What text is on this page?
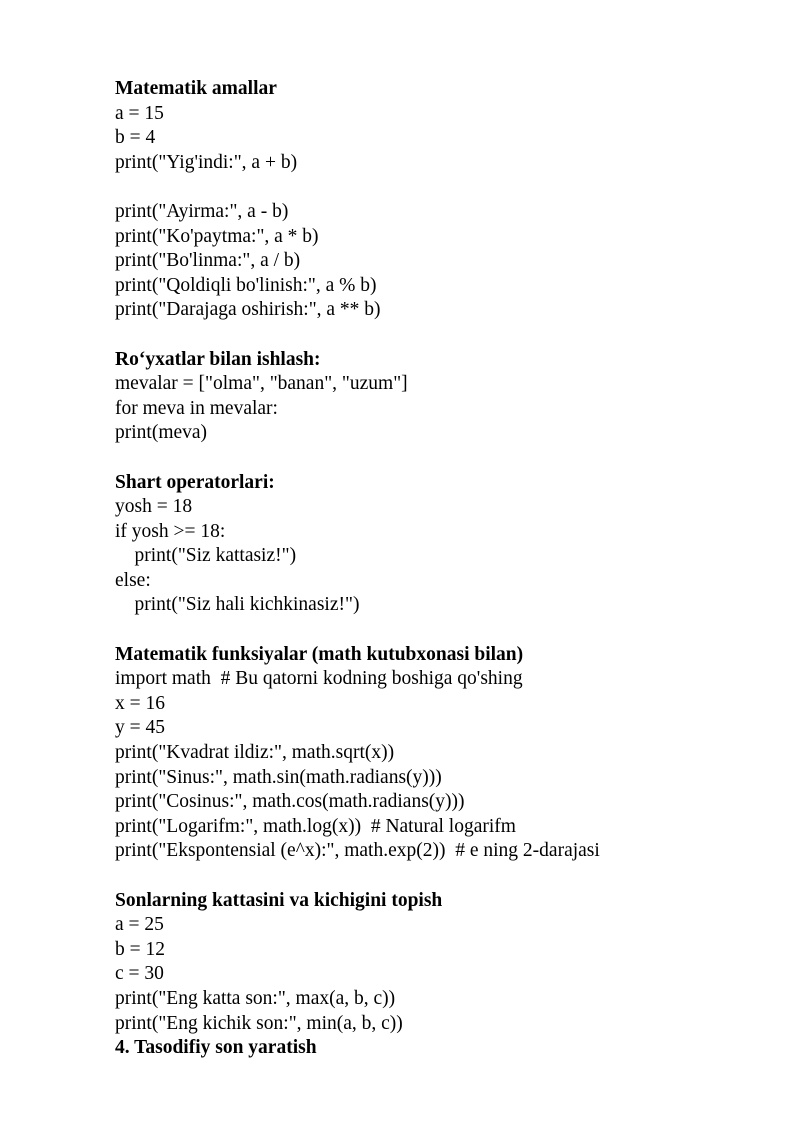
Matematik amallar
a = 15
b = 4
print("Yig'indi:", a + b)
print("Ayirma:", a - b)
print("Ko'paytma:", a * b)
print("Bo'linma:", a / b)
print("Qoldiqli bo'linish:", a % b)
print("Darajaga oshirish:", a ** b)
Ro‘yxatlar bilan ishlash:
mevalar = ["olma", "banan", "uzum"]
for meva in mevalar:
print(meva)
Shart operatorlari:
yosh = 18
if yosh >= 18:
print("Siz kattasiz!")
else:
print("Siz hali kichkinasiz!")
Matematik funksiyalar (math kutubxonasi bilan)
import math  # Bu qatorni kodning boshiga qo'shing
x = 16
y = 45
print("Kvadrat ildiz:", math.sqrt(x))
print("Sinus:", math.sin(math.radians(y)))
print("Cosinus:", math.cos(math.radians(y)))
print("Logarifm:", math.log(x))  # Natural logarifm
print("Ekspontensial (e^x):", math.exp(2))  # e ning 2-darajasi
Sonlarning kattasini va kichigini topish
a = 25
b = 12
c = 30
print("Eng katta son:", max(a, b, c))
print("Eng kichik son:", min(a, b, c))
4. Tasodifiy son yaratish
